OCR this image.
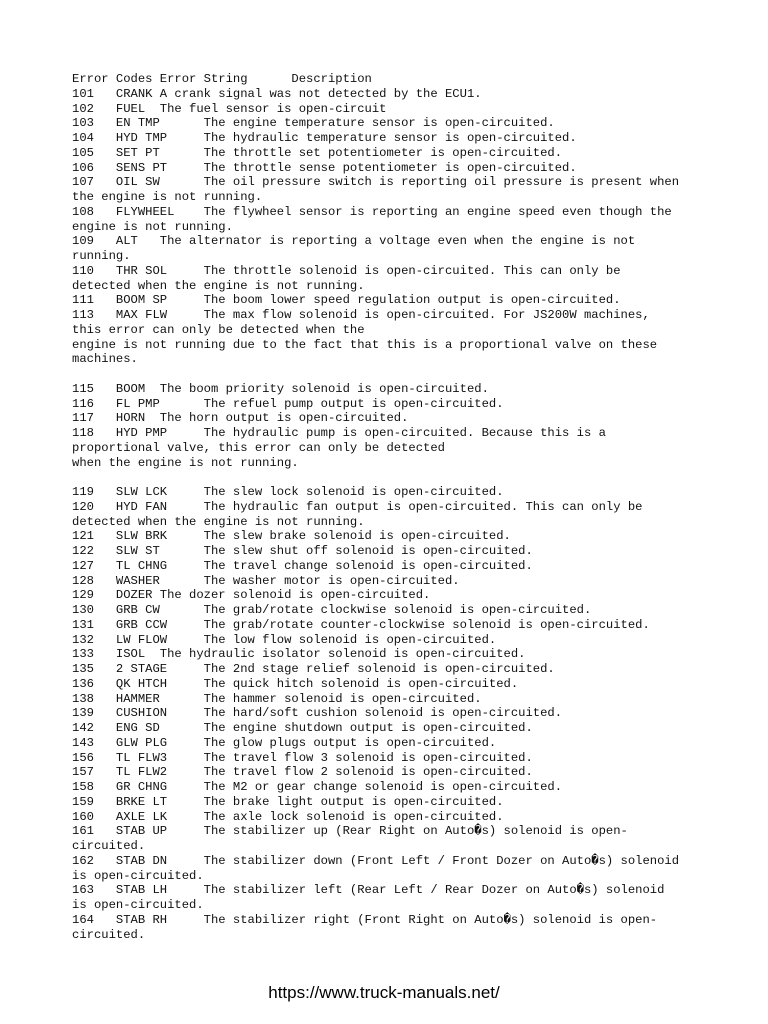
Error Codes Error String      Description
101   CRANK A crank signal was not detected by the ECU1.
102   FUEL  The fuel sensor is open-circuit
103   EN TMP      The engine temperature sensor is open-circuited.
104   HYD TMP     The hydraulic temperature sensor is open-circuited.
105   SET PT      The throttle set potentiometer is open-circuited.
106   SENS PT     The throttle sense potentiometer is open-circuited.
107   OIL SW      The oil pressure switch is reporting oil pressure is present when
the engine is not running.
108   FLYWHEEL    The flywheel sensor is reporting an engine speed even though the
engine is not running.
109   ALT   The alternator is reporting a voltage even when the engine is not
running.
110   THR SOL     The throttle solenoid is open-circuited. This can only be
detected when the engine is not running.
111   BOOM SP     The boom lower speed regulation output is open-circuited.
113   MAX FLW     The max flow solenoid is open-circuited. For JS200W machines,
this error can only be detected when the
engine is not running due to the fact that this is a proportional valve on these
machines.

115   BOOM  The boom priority solenoid is open-circuited.
116   FL PMP      The refuel pump output is open-circuited.
117   HORN  The horn output is open-circuited.
118   HYD PMP     The hydraulic pump is open-circuited. Because this is a
proportional valve, this error can only be detected
when the engine is not running.

119   SLW LCK     The slew lock solenoid is open-circuited.
120   HYD FAN     The hydraulic fan output is open-circuited. This can only be
detected when the engine is not running.
121   SLW BRK     The slew brake solenoid is open-circuited.
122   SLW ST      The slew shut off solenoid is open-circuited.
127   TL CHNG     The travel change solenoid is open-circuited.
128   WASHER      The washer motor is open-circuited.
129   DOZER The dozer solenoid is open-circuited.
130   GRB CW      The grab/rotate clockwise solenoid is open-circuited.
131   GRB CCW     The grab/rotate counter-clockwise solenoid is open-circuited.
132   LW FLOW     The low flow solenoid is open-circuited.
133   ISOL  The hydraulic isolator solenoid is open-circuited.
135   2 STAGE     The 2nd stage relief solenoid is open-circuited.
136   QK HTCH     The quick hitch solenoid is open-circuited.
138   HAMMER      The hammer solenoid is open-circuited.
139   CUSHION     The hard/soft cushion solenoid is open-circuited.
142   ENG SD      The engine shutdown output is open-circuited.
143   GLW PLG     The glow plugs output is open-circuited.
156   TL FLW3     The travel flow 3 solenoid is open-circuited.
157   TL FLW2     The travel flow 2 solenoid is open-circuited.
158   GR CHNG     The M2 or gear change solenoid is open-circuited.
159   BRKE LT     The brake light output is open-circuited.
160   AXLE LK     The axle lock solenoid is open-circuited.
161   STAB UP     The stabilizer up (Rear Right on Auto�s) solenoid is open-
circuited.
162   STAB DN     The stabilizer down (Front Left / Front Dozer on Auto�s) solenoid
is open-circuited.
163   STAB LH     The stabilizer left (Rear Left / Rear Dozer on Auto�s) solenoid
is open-circuited.
164   STAB RH     The stabilizer right (Front Right on Auto�s) solenoid is open-
circuited.
https://www.truck-manuals.net/
